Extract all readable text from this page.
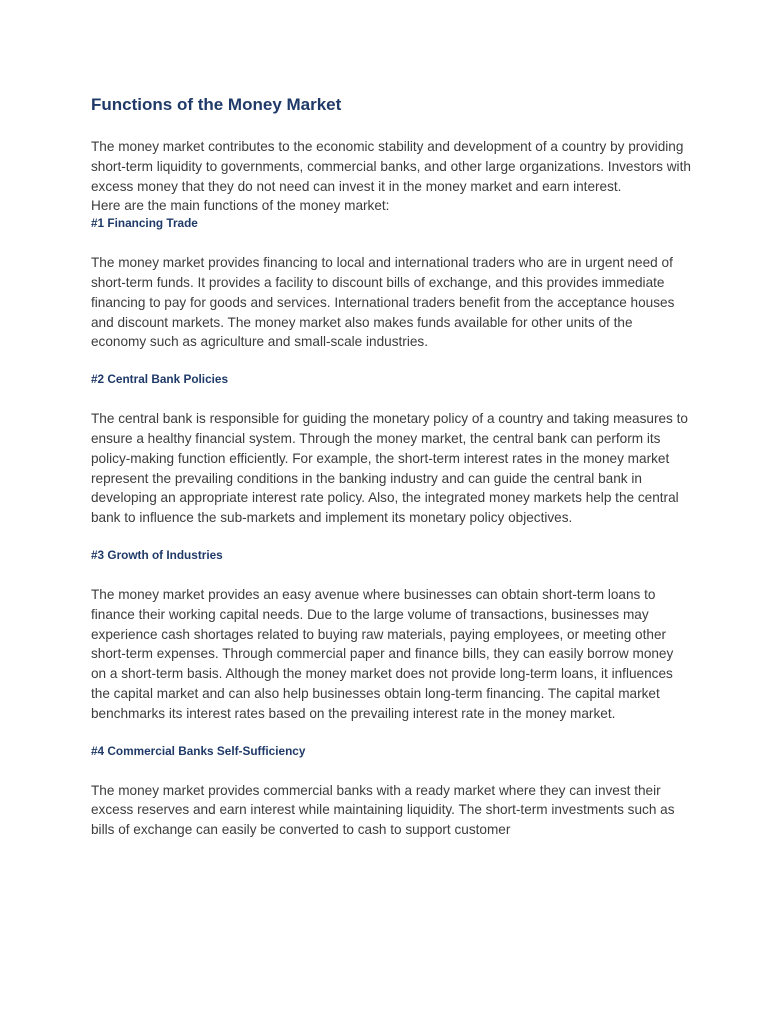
Functions of the Money Market

The money market contributes to the economic stability and development of a country by providing short-term liquidity to governments, commercial banks, and other large organizations. Investors with excess money that they do not need can invest it in the money market and earn interest.

Here are the main functions of the money market:

#1 Financing Trade

The money market provides financing to local and international traders who are in urgent need of short-term funds. It provides a facility to discount bills of exchange, and this provides immediate financing to pay for goods and services. International traders benefit from the acceptance houses and discount markets. The money market also makes funds available for other units of the economy such as agriculture and small-scale industries.

#2 Central Bank Policies

The central bank is responsible for guiding the monetary policy of a country and taking measures to ensure a healthy financial system. Through the money market, the central bank can perform its policy-making function efficiently. For example, the short-term interest rates in the money market represent the prevailing conditions in the banking industry and can guide the central bank in developing an appropriate interest rate policy. Also, the integrated money markets help the central bank to influence the sub-markets and implement its monetary policy objectives.

#3 Growth of Industries

The money market provides an easy avenue where businesses can obtain short-term loans to finance their working capital needs. Due to the large volume of transactions, businesses may experience cash shortages related to buying raw materials, paying employees, or meeting other short-term expenses. Through commercial paper and finance bills, they can easily borrow money on a short-term basis. Although the money market does not provide long-term loans, it influences the capital market and can also help businesses obtain long-term financing. The capital market benchmarks its interest rates based on the prevailing interest rate in the money market.

#4 Commercial Banks Self-Sufficiency

The money market provides commercial banks with a ready market where they can invest their excess reserves and earn interest while maintaining liquidity. The short-term investments such as bills of exchange can easily be converted to cash to support customer
